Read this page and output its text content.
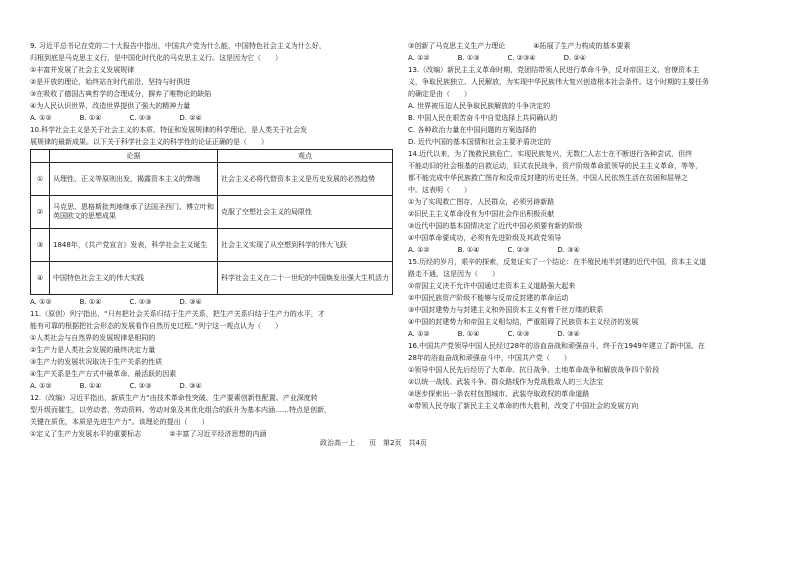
9. 习近平总书记在党的二十大报告中指出，中国共产党为什么能，中国特色社会主义为什么好，
归根到底是马克思主义行，是中国化时代化的马克思主义行。这是因为它（　　）
①丰富并发展了社会主义发展规律
②是开放的理论，始终站在时代前沿，坚持与时俱进
③在吸收了德国古典哲学的合理成分，摒弃了唯物论的缺陷
④为人民认识世界、改造世界提供了强大的精神力量
A. ①②　　　　B. ①④　　　　C. ②③　　　　D. ②④
10.科学社会主义是关于社会主义的本质、特征和发展规律的科学理论，是人类关于社会发
展规律的最新成果。以下关于科学社会主义的科学性的论证正确的是（　　）
	论据	观点
①	从理性、正义等原则出发，揭露资本主义的弊端	社会主义必将代替资本主义是历史发展的必然趋势
②	马克思、恩格斯批判地继承了法国圣西门、傅立叶和英国欧文的思想成果	克服了空想社会主义的局限性
③	1848年，《共产党宣言》发表，科学社会主义诞生	社会主义实现了从空想到科学的伟大飞跃
④	中国特色社会主义的伟大实践	科学社会主义在二十一世纪的中国焕发出强大生机活力
A. ①②　　　　B. ①④　　　　C. ②③　　　　D. ③④
11.（原创）列宁指出，“只有把社会关系归结于生产关系，把生产关系归结于生产力的水平，才
能有可靠的根据把社会形态的发展看作自然历史过程。”列宁这一观点认为（　　）
①人类社会与自然界的发展规律是相同的
②生产力是人类社会发展的最终决定力量
③生产力的发展状况取决于生产关系的性质
④生产关系是生产方式中最革命、最活跃的因素
A. ①②　　　　B. ①④　　　　C. ②③　　　　D. ③④
12.（改编）习近平指出，新质生产力“由技术革命性突破、生产要素创新性配置、产业深度转
型升级而催生，以劳动者、劳动资料、劳动对象及其优化组合的跃升为基本内涵……特点是创新，
关键在质优，本质是先进生产力”。该理论的提出（　　）
①定义了生产力发展水平的重要标志　　　　②丰富了习近平经济思想的内涵
③创新了马克思主义生产力理论　　　　④拓展了生产力构成的基本要素
A. ①②　　　　B. ①③　　　　C. ②③④　　　　D. ②④
13.（改编）新民主主义革命时期，党团结带领人民进行革命斗争，反对帝国主义、官僚资本主
义，争取民族独立、人民解放，为实现中华民族伟大复兴创造根本社会条件。这个时期的主要任务
的确定是由（　　）
A. 世界被压迫人民争取民族解放的斗争决定的
B. 中国人民在艰苦奋斗中自觉选择上共同确认的
C. 各种政治力量在中国问题的方案选择的
D. 近代中国的基本国情和社会主要矛盾决定的
14.近代以来，为了挽救民族危亡、实现民族复兴，无数仁人志士在不断进行各种尝试，但终
不能动旧的社会根基的自救运动，旧式农民战争、资产阶级革命派领导的民主主义革命，等等，
都不能完成中华民族救亡图存和反帝反封建的历史任务，中国人民依然生活在贫困和屈辱之
中。这表明（　　）
①为了实现救亡图存，人民群众，必须另辟新路
②旧民主主义革命没有为中国社会作出积极贡献
③近代中国的基本国情决定了近代中国必须要有新的阶级
④中国革命要成功，必须有先进阶级及其政党领导
A. ①②　　　　B. ①④　　　　C. ②③　　　　D. ③④
15.历经的岁月，艰辛的探索，反复证实了一个结论：在半殖民地半封建的近代中国，资本主义道
路走不通，这是因为（　　）
①帝国主义决不允许中国通过走资本主义道路强大起来
②中国民族资产阶级不能够与反帝反封建的革命运动
③中国封建势力与封建主义和外国资本主义有着千丝万缕的联系
④中国的封建势力和帝国主义相勾结，严重阻碍了民族资本主义经济的发展
A. ①②　　　　B. ①④　　　　C. ②③　　　　D. ③④
16.中国共产党领导中国人民经过28年的浴血奋战和顽强奋斗，终于在1949年建立了新中国。在
28年的浴血奋战和顽强奋斗中，中国共产党（　　）
①领导中国人民先后经历了大革命、抗日战争、土地革命战争和解放战争四个阶段
②以统一战线、武装斗争、群众路线作为党战胜敌人的三大法宝
③逐步探索出一条农村包围城市、武装夺取政权的革命道路
④带领人民夺取了新民主主义革命的伟大胜利，改变了中国社会的发展方向
政治高一上　　页　第2页　共4页
